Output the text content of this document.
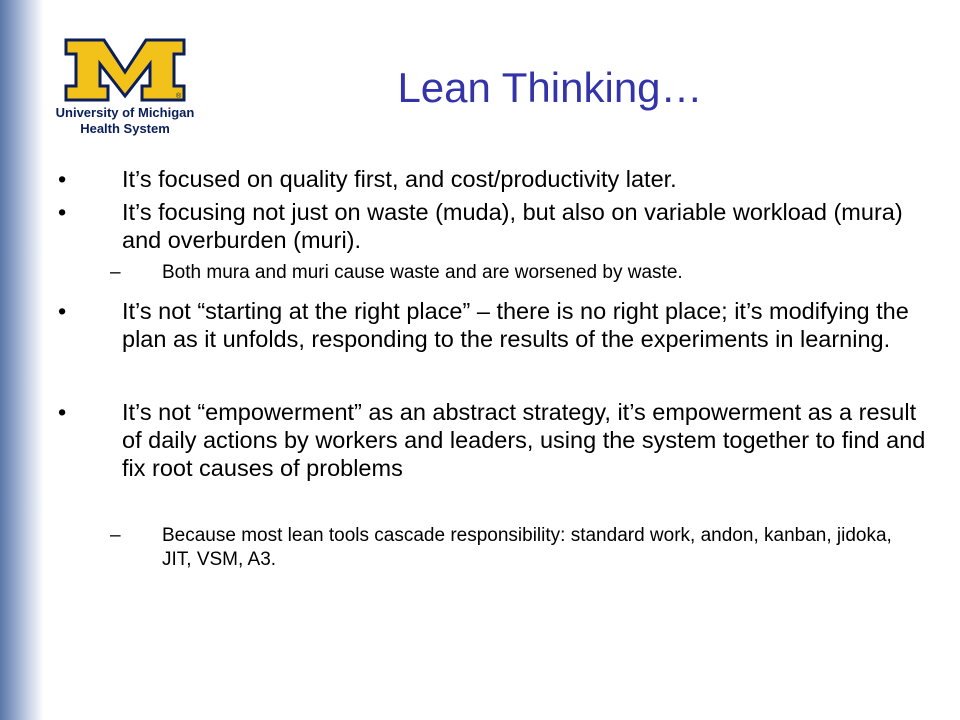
®
University of Michigan
Health System
Lean Thinking…
•	It’s focused on quality first, and cost/productivity later.
•	It’s focusing not just on waste (muda), but also on variable workload (mura) and overburden (muri).
– Both mura and muri cause waste and are worsened by waste.
•	It’s not “starting at the right place” – there is no right place; it’s modifying the plan as it unfolds, responding to the results of the experiments in learning.
•	It’s not “empowerment” as an abstract strategy, it’s empowerment as a result of daily actions by workers and leaders, using the system together to find and fix root causes of problems
– Because most lean tools cascade responsibility: standard work, andon, kanban, jidoka, JIT, VSM, A3.
